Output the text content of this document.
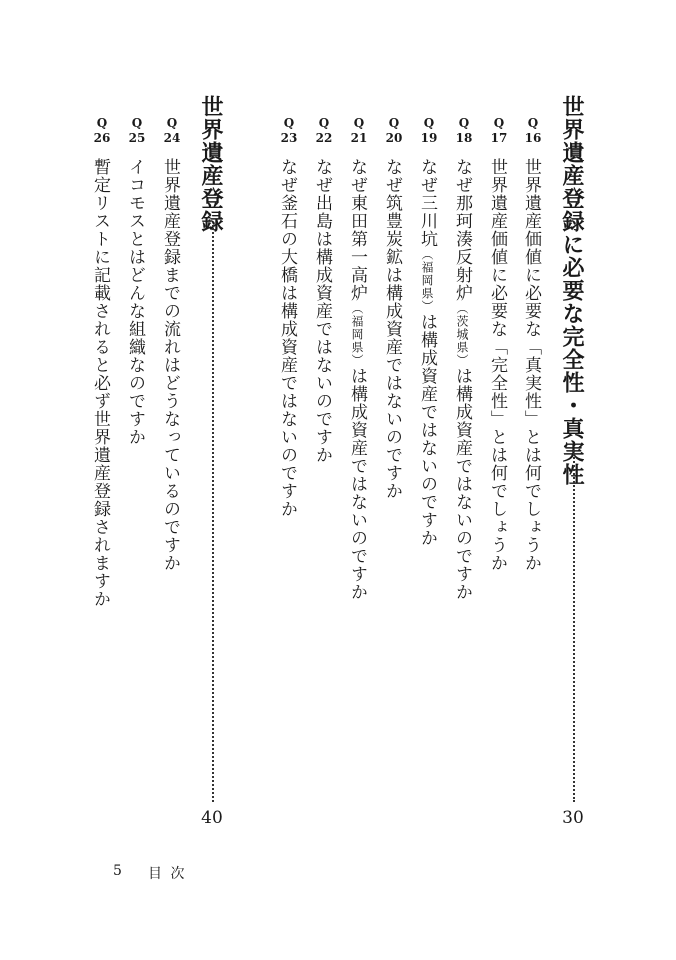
世界遺産登録に必要な完全性・真実性
30
Q
16
世界遺産価値に必要な「真実性」とは何でしょうか
Q
17
世界遺産価値に必要な「完全性」とは何でしょうか
Q
18
なぜ那珂湊反射炉（茨城県）は構成資産ではないのですか
Q
19
なぜ三川坑（福岡県）は構成資産ではないのですか
Q
20
なぜ筑豊炭鉱は構成資産ではないのですか
Q
21
なぜ東田第一高炉（福岡県）は構成資産ではないのですか
Q
22
なぜ出島は構成資産ではないのですか
Q
23
なぜ釜石の大橋は構成資産ではないのですか
世界遺産登録
40
Q
24
世界遺産登録までの流れはどうなっているのですか
Q
25
イコモスとはどんな組織なのですか
Q
26
暫定リストに記載されると必ず世界遺産登録されますか
5 目 次
